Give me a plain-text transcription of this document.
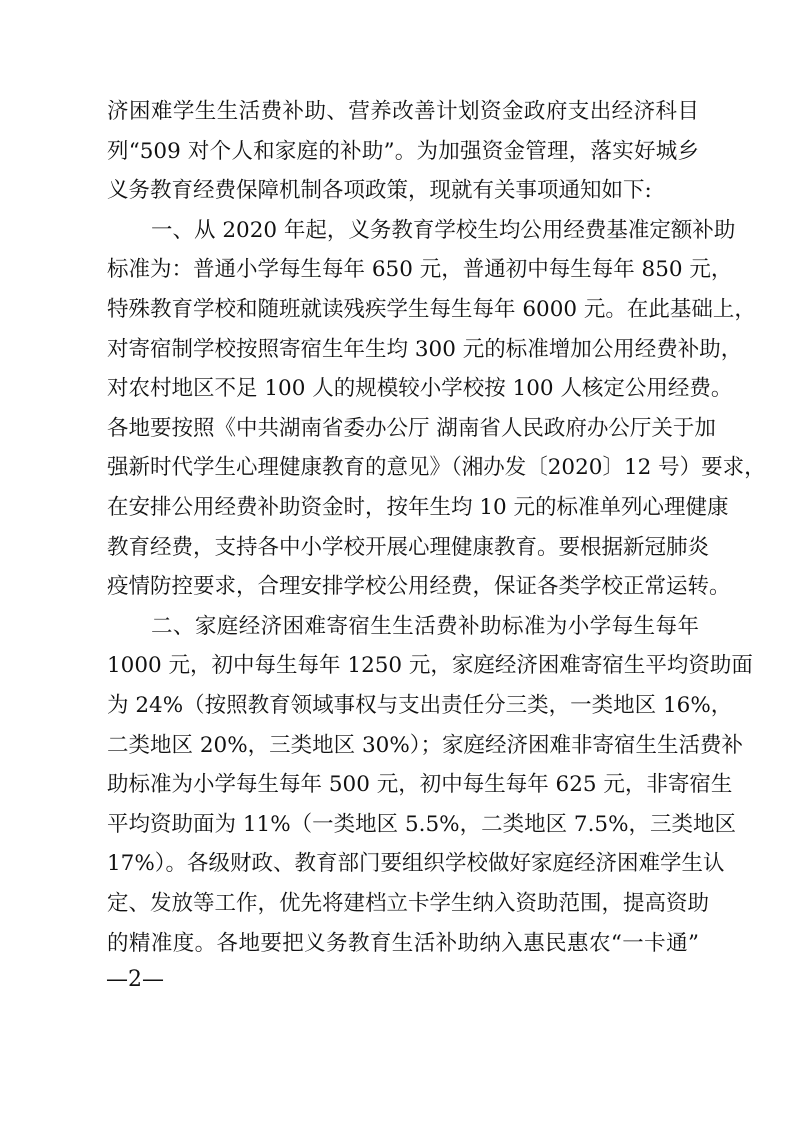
济困难学生生活费补助、营养改善计划资金政府支出经济科目
列“509 对个人和家庭的补助”。为加强资金管理，落实好城乡
义务教育经费保障机制各项政策，现就有关事项通知如下:
一、从 2020 年起，义务教育学校生均公用经费基准定额补助
标准为：普通小学每生每年 650 元，普通初中每生每年 850 元，
特殊教育学校和随班就读残疾学生每生每年 6000 元。在此基础上，
对寄宿制学校按照寄宿生年生均 300 元的标准增加公用经费补助，
对农村地区不足 100 人的规模较小学校按 100 人核定公用经费。
各地要按照《中共湖南省委办公厅 湖南省人民政府办公厅关于加
强新时代学生心理健康教育的意见》（湘办发〔2020〕12 号）要求，
在安排公用经费补助资金时，按年生均 10 元的标准单列心理健康
教育经费，支持各中小学校开展心理健康教育。要根据新冠肺炎
疫情防控要求，合理安排学校公用经费，保证各类学校正常运转。
二、家庭经济困难寄宿生生活费补助标准为小学每生每年
1000 元，初中每生每年 1250 元，家庭经济困难寄宿生平均资助面
为 24%（按照教育领域事权与支出责任分三类，一类地区 16%，
二类地区 20%，三类地区 30%）；家庭经济困难非寄宿生生活费补
助标准为小学每生每年 500 元，初中每生每年 625 元，非寄宿生
平均资助面为 11%（一类地区 5.5%，二类地区 7.5%，三类地区
17%）。各级财政、教育部门要组织学校做好家庭经济困难学生认
定、发放等工作，优先将建档立卡学生纳入资助范围，提高资助
的精准度。各地要把义务教育生活补助纳入惠民惠农“一卡通”
—2—
